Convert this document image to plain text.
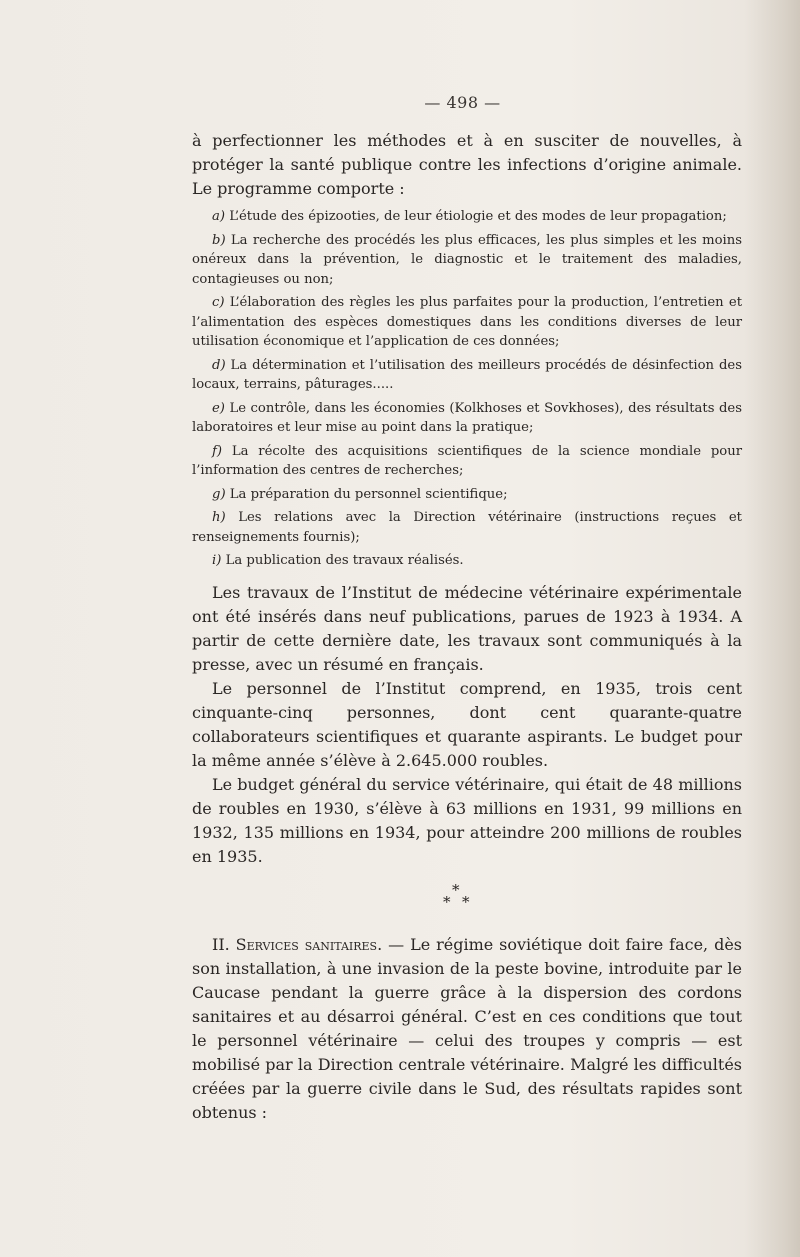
— 498 —

à perfectionner les méthodes et à en susciter de nouvelles, à protéger la santé publique contre les infections d’origine animale. Le programme comporte :

a) L’étude des épizooties, de leur étiologie et des modes de leur propagation;

b) La recherche des procédés les plus efficaces, les plus simples et les moins onéreux dans la prévention, le diagnostic et le traitement des maladies, contagieuses ou non;

c) L’élaboration des règles les plus parfaites pour la production, l’entretien et l’alimentation des espèces domestiques dans les conditions diverses de leur utilisation économique et l’application de ces données;

d) La détermination et l’utilisation des meilleurs procédés de désinfection des locaux, terrains, pâturages.....

e) Le contrôle, dans les économies (Kolkhoses et Sovkhoses), des résultats des laboratoires et leur mise au point dans la pratique;

f) La récolte des acquisitions scientifiques de la science mondiale pour l’information des centres de recherches;

g) La préparation du personnel scientifique;

h) Les relations avec la Direction vétérinaire (instructions reçues et renseignements fournis);

i) La publication des travaux réalisés.

Les travaux de l’Institut de médecine vétérinaire expérimentale ont été insérés dans neuf publications, parues de 1923 à 1934. A partir de cette dernière date, les travaux sont communiqués à la presse, avec un résumé en français.

Le personnel de l’Institut comprend, en 1935, trois cent cinquante-cinq personnes, dont cent quarante-quatre collaborateurs scientifiques et quarante aspirants. Le budget pour la même année s’élève à 2.645.000 roubles.

Le budget général du service vétérinaire, qui était de 48 millions de roubles en 1930, s’élève à 63 millions en 1931, 99 millions en 1932, 135 millions en 1934, pour atteindre 200 millions de roubles en 1935.

*
* *

II. Services sanitaires. — Le régime soviétique doit faire face, dès son installation, à une invasion de la peste bovine, introduite par le Caucase pendant la guerre grâce à la dispersion des cordons sanitaires et au désarroi général. C’est en ces conditions que tout le personnel vétérinaire — celui des troupes y compris — est mobilisé par la Direction centrale vétérinaire. Malgré les difficultés créées par la guerre civile dans le Sud, des résultats rapides sont obtenus :
